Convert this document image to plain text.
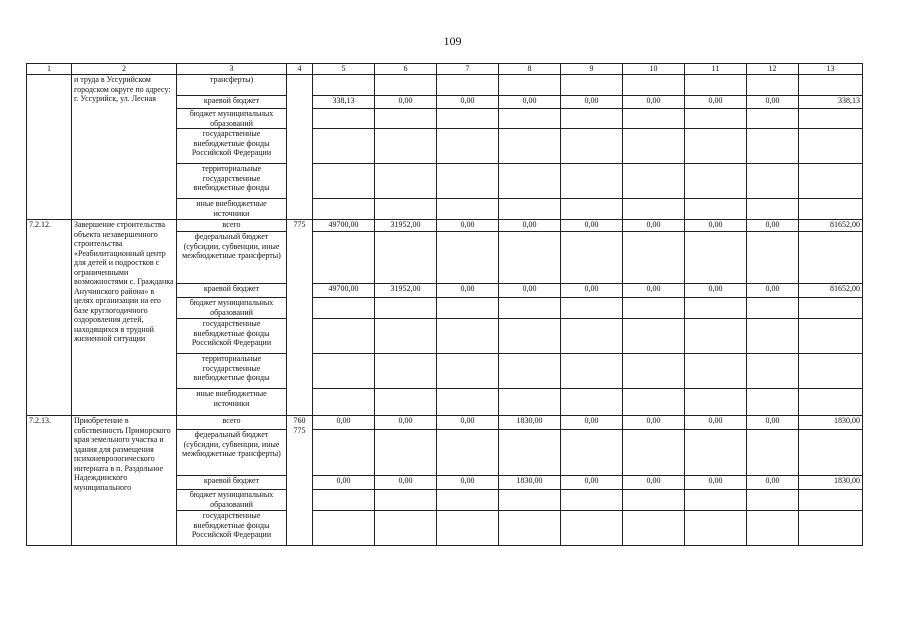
109
1	2	3	4	5	6	7	8	9	10	11	12	13
	и труда в Уссурийском городском округе по адресу: г. Уссурийск, ул. Лесная	трансферты)										
		краевой бюджет		338,13	0,00	0,00	0,00	0,00	0,00	0,00	0,00	338,13
		бюджет муниципальных образований										
		государственные внебюджетные фонды Российской Федерации										
		территориальные государственные внебюджетные фонды										
		иные внебюджетные источники										
7.2.12.	Завершение строительства объекта незавершенного строительства «Реабилитационный центр для детей и подростков с ограниченными возможностями с. Гражданка Анучинского района» в целях организации на его базе круглогодичного оздоровления детей, находящихся в трудной жизненной ситуации	всего	775	49700,00	31952,00	0,00	0,00	0,00	0,00	0,00	0,00	81652,00
		федеральный бюджет (субсидии, субвенции, иные межбюджетные трансферты)										
		краевой бюджет		49700,00	31952,00	0,00	0,00	0,00	0,00	0,00	0,00	81652,00
		бюджет муниципальных образований										
		государственные внебюджетные фонды Российской Федерации										
		территориальные государственные внебюджетные фонды										
		иные внебюджетные источники										
7.2.13.	Приобретение в собственность Приморского края земельного участка и здания для размещения психоневрологического интерната в п. Раздольное Надеждинского муниципального	всего	760 775	0,00	0,00	0,00	1830,00	0,00	0,00	0,00	0,00	1830,00
		федеральный бюджет (субсидии, субвенции, иные межбюджетные трансферты)										
		краевой бюджет		0,00	0,00	0,00	1830,00	0,00	0,00	0,00	0,00	1830,00
		бюджет муниципальных образований										
		государственные внебюджетные фонды Российской Федерации										
